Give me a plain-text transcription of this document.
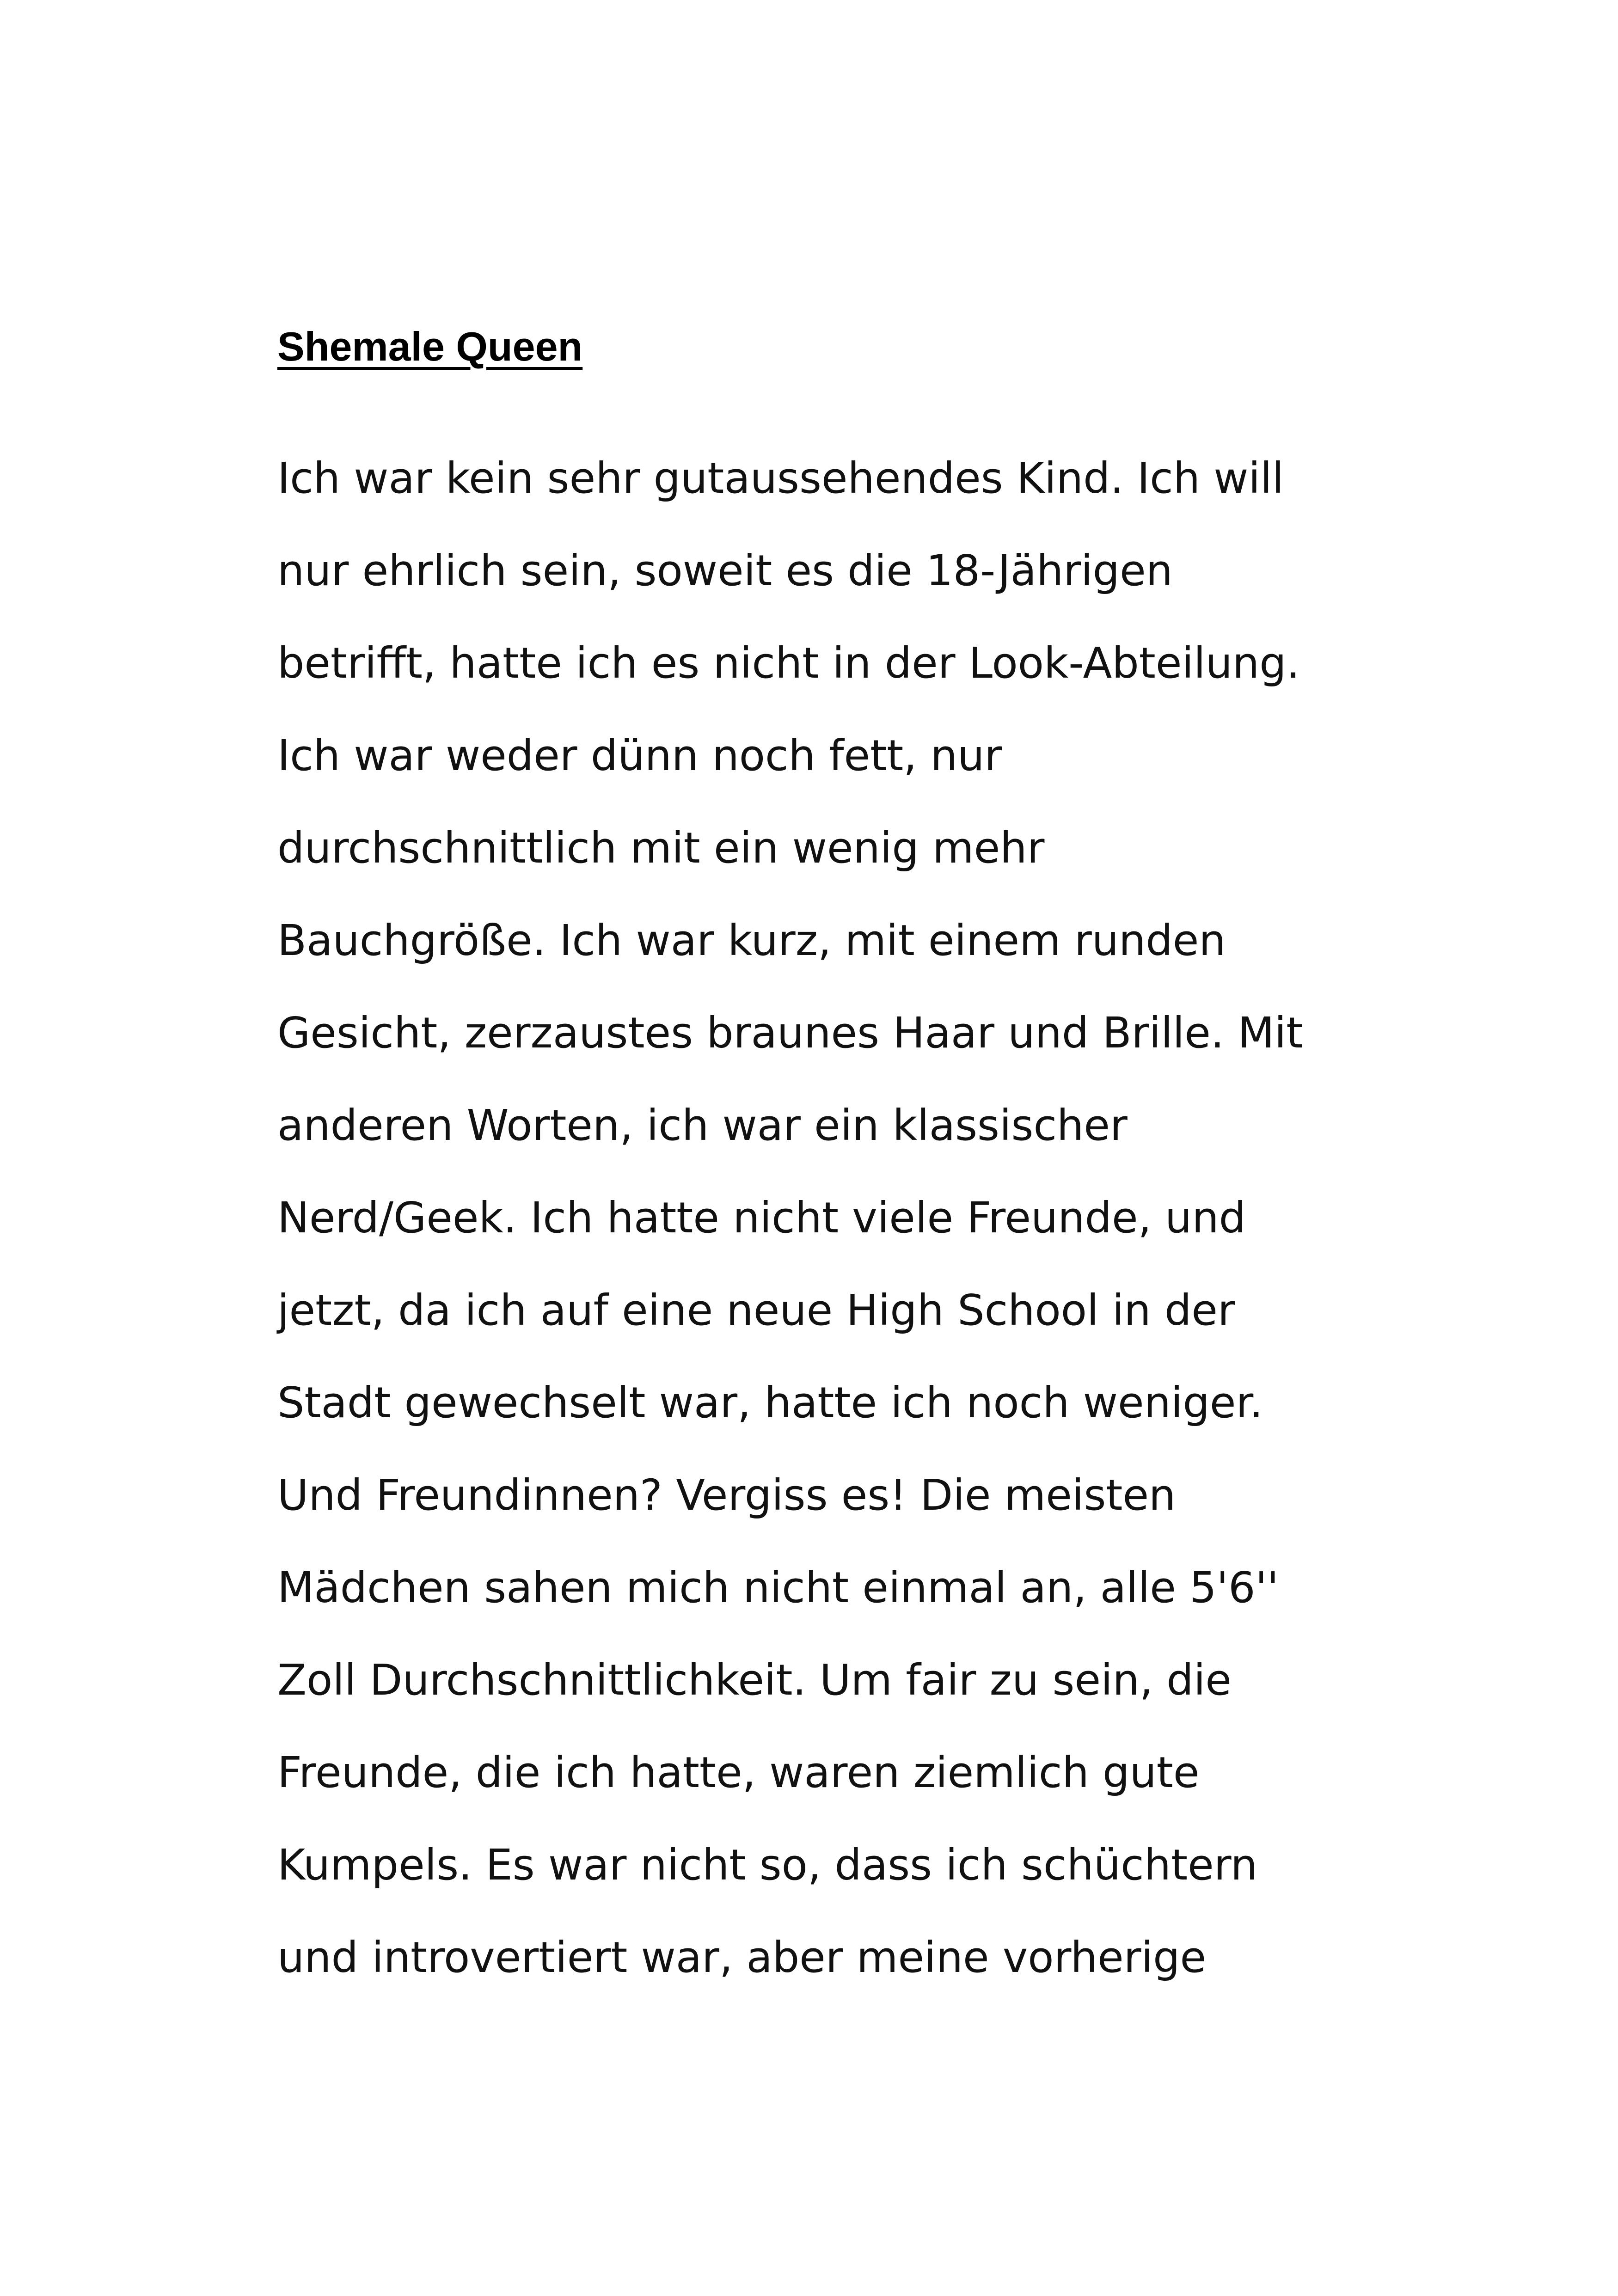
Shemale Queen
Ich war kein sehr gutaussehendes Kind. Ich will
nur ehrlich sein, soweit es die 18-Jährigen
betrifft, hatte ich es nicht in der Look-Abteilung.
Ich war weder dünn noch fett, nur
durchschnittlich mit ein wenig mehr
Bauchgröße. Ich war kurz, mit einem runden
Gesicht, zerzaustes braunes Haar und Brille. Mit
anderen Worten, ich war ein klassischer
Nerd/Geek. Ich hatte nicht viele Freunde, und
jetzt, da ich auf eine neue High School in der
Stadt gewechselt war, hatte ich noch weniger.
Und Freundinnen? Vergiss es! Die meisten
Mädchen sahen mich nicht einmal an, alle 5'6''
Zoll Durchschnittlichkeit. Um fair zu sein, die
Freunde, die ich hatte, waren ziemlich gute
Kumpels. Es war nicht so, dass ich schüchtern
und introvertiert war, aber meine vorherige
